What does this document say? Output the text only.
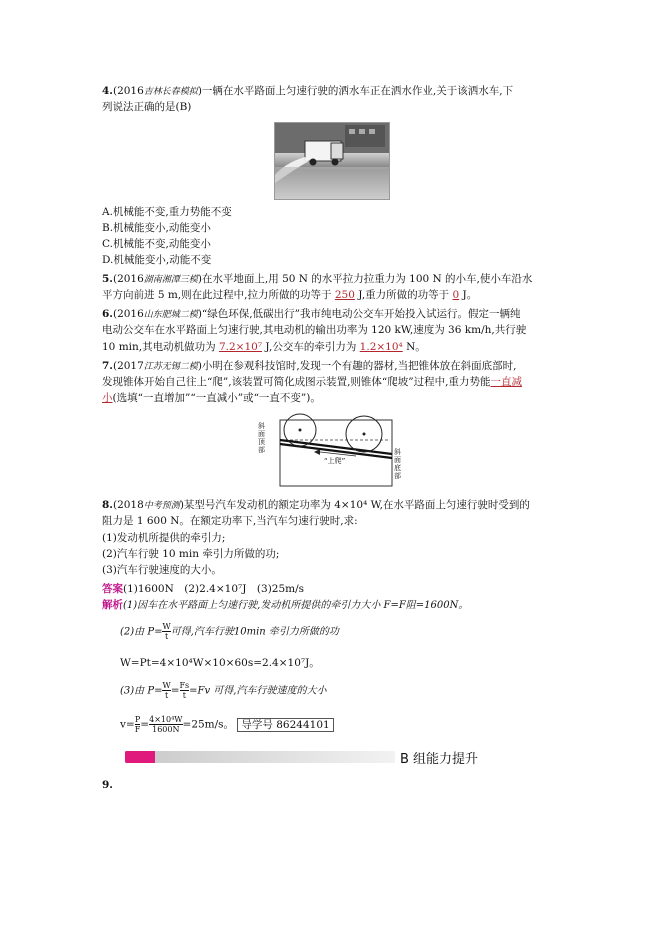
4.(2016吉林长春模拟)一辆在水平路面上匀速行驶的洒水车正在洒水作业,关于该洒水车,下
列说法正确的是(B)
A.机械能不变,重力势能不变
B.机械能变小,动能变小
C.机械能不变,动能变小
D.机械能变小,动能不变
5.(2016湖南湘潭三模)在水平地面上,用 50 N 的水平拉力拉重力为 100 N 的小车,使小车沿水
平方向前进 5 m,则在此过程中,拉力所做的功等于 250 J,重力所做的功等于 0 J。
6.(2016山东肥城二模)“绿色环保,低碳出行”我市纯电动公交车开始投入试运行。假定一辆纯
电动公交车在水平路面上匀速行驶,其电动机的输出功率为 120 kW,速度为 36 km/h,共行驶
10 min,其电动机做功为 7.2×10⁷ J,公交车的牵引力为 1.2×10⁴ N。
7.(2017江苏无锡二模)小明在参观科技馆时,发现一个有趣的器材,当把锥体放在斜面底部时,
发现锥体开始自己往上“爬”,该装置可简化成图示装置,则锥体“爬坡”过程中,重力势能一直减
小(选填“一直增加”“一直减小”或“一直不变”)。
斜面顶部	斜面底部
“上爬”
8.(2018中考预测)某型号汽车发动机的额定功率为 4×10⁴ W,在水平路面上匀速行驶时受到的
阻力是 1 600 N。在额定功率下,当汽车匀速行驶时,求:
(1)发动机所提供的牵引力;
(2)汽车行驶 10 min 牵引力所做的功;
(3)汽车行驶速度的大小。
答案(1)1600N　(2)2.4×10⁷J　(3)25m/s
解析(1)因车在水平路面上匀速行驶,发动机所提供的牵引力大小 F=F阻=1600N。
(2)由 $P= \frac{W}{t}$ 可得,汽车行驶10min 牵引力所做的功
W=Pt=4×10⁴W×10×60s=2.4×10⁷J。
(3)由 $P= \frac{W}{t} = \frac{Fs}{t} =Fv$ 可得,汽车行驶速度的大小
$v= \frac{P}{F} = \frac{\text{4×10⁴W}}{1600N} =25m/s$。 导学号 86244101
B 组能力提升
9.
